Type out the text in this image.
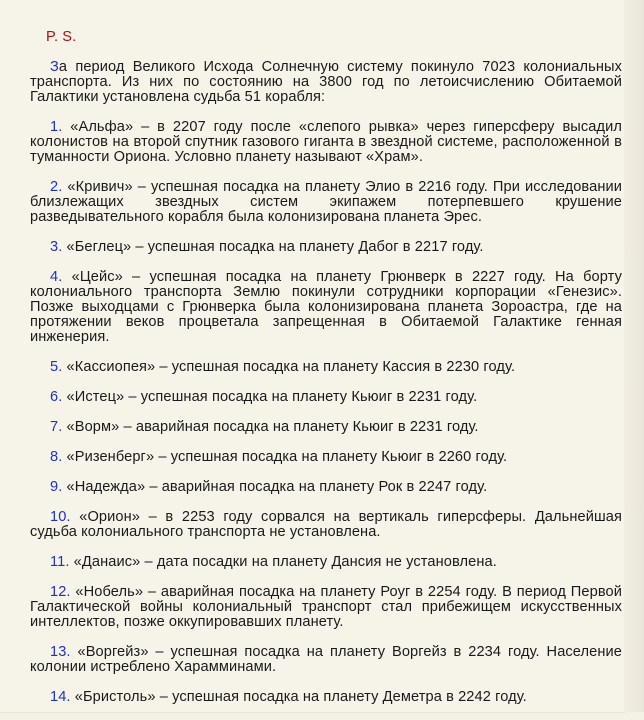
P. S.

За период Великого Исхода Солнечную систему покинуло 7023 колониальных транспорта. Из них по состоянию на 3800 год по летоисчислению Обитаемой Галактики установлена судьба 51 корабля:

1. «Альфа» – в 2207 году после «слепого рывка» через гиперсферу высадил колонистов на второй спутник газового гиганта в звездной системе, расположенной в туманности Ориона. Условно планету называют «Храм».

2. «Кривич» – успешная посадка на планету Элио в 2216 году. При исследовании близлежащих звездных систем экипажем потерпевшего крушение разведывательного корабля была колонизирована планета Эрес.

3. «Беглец» – успешная посадка на планету Дабог в 2217 году.

4. «Цейс» – успешная посадка на планету Грюнверк в 2227 году. На борту колониального транспорта Землю покинули сотрудники корпорации «Генезис». Позже выходцами с Грюнверка была колонизирована планета Зороастра, где на протяжении веков процветала запрещенная в Обитаемой Галактике генная инженерия.

5. «Кассиопея» – успешная посадка на планету Кассия в 2230 году.

6. «Истец» – успешная посадка на планету Кьюиг в 2231 году.

7. «Ворм» – аварийная посадка на планету Кьюиг в 2231 году.

8. «Ризенберг» – успешная посадка на планету Кьюиг в 2260 году.

9. «Надежда» – аварийная посадка на планету Рок в 2247 году.

10. «Орион» – в 2253 году сорвался на вертикаль гиперсферы. Дальнейшая судьба колониального транспорта не установлена.

11. «Данаис» – дата посадки на планету Дансия не установлена.

12. «Нобель» – аварийная посадка на планету Роуг в 2254 году. В период Первой Галактической войны колониальный транспорт стал прибежищем искусственных интеллектов, позже оккупировавших планету.

13. «Воргейз» – успешная посадка на планету Воргейз в 2234 году. Население колонии истреблено Харамминами.

14. «Бристоль» – успешная посадка на планету Деметра в 2242 году.
